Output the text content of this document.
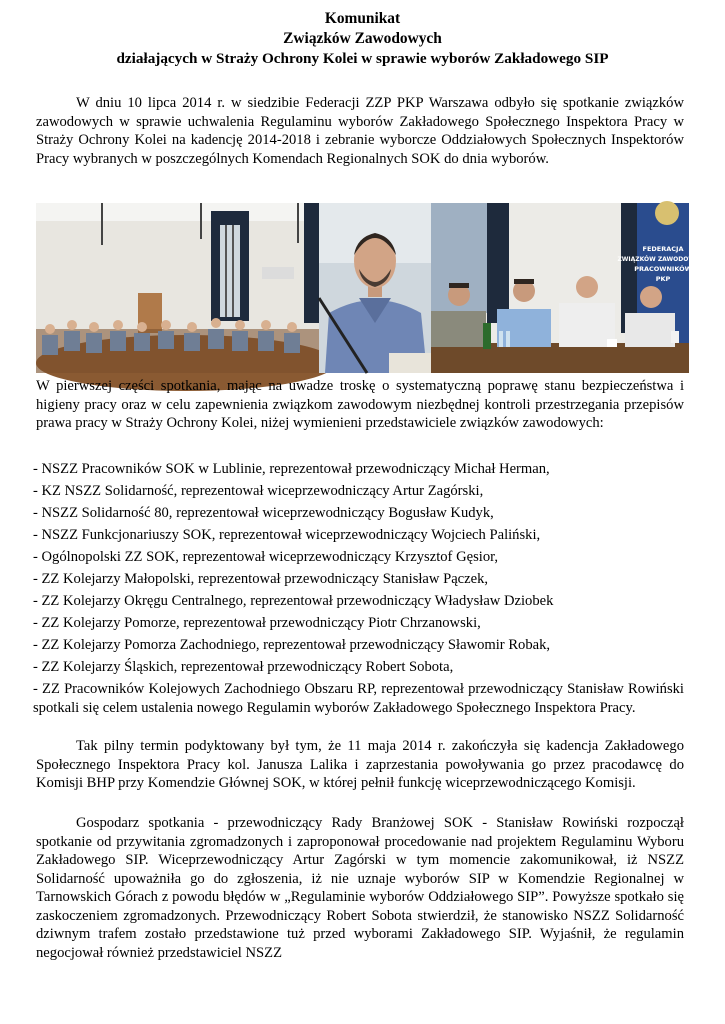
Komunikat
Związków Zawodowych
działających w Straży Ochrony Kolei w sprawie wyborów Zakładowego SIP

W dniu 10 lipca 2014 r. w siedzibie Federacji ZZP PKP Warszawa odbyło się spotkanie związków zawodowych w sprawie uchwalenia Regulaminu wyborów Zakładowego Społecznego Inspektora Pracy w Straży Ochrony Kolei na kadencję 2014-2018 i zebranie wyborcze Oddziałowych Społecznych Inspektorów Pracy wybranych w poszczególnych Komendach Regionalnych SOK do dnia wyborów.

FEDERACJA
ZWIĄZKÓW ZAWODOWYCH
PRACOWNIKÓW
PKP

W pierwszej części spotkania, mając na uwadze troskę o systematyczną poprawę stanu bezpieczeństwa i higieny pracy oraz w celu zapewnienia związkom zawodowym niezbędnej kontroli przestrzegania przepisów prawa pracy w Straży Ochrony Kolei, niżej wymienieni przedstawiciele związków zawodowych:

- NSZZ Pracowników SOK w Lublinie, reprezentował przewodniczący Michał Herman,
- KZ NSZZ Solidarność, reprezentował wiceprzewodniczący Artur Zagórski,
- NSZZ Solidarność 80, reprezentował wiceprzewodniczący Bogusław Kudyk,
- NSZZ Funkcjonariuszy SOK, reprezentował wiceprzewodniczący Wojciech Paliński,
- Ogólnopolski ZZ SOK, reprezentował wiceprzewodniczący Krzysztof Gęsior,
- ZZ Kolejarzy Małopolski, reprezentował przewodniczący Stanisław Pączek,
- ZZ Kolejarzy Okręgu Centralnego, reprezentował przewodniczący Władysław Dziobek
- ZZ Kolejarzy Pomorze, reprezentował przewodniczący Piotr Chrzanowski,
- ZZ Kolejarzy Pomorza Zachodniego, reprezentował przewodniczący Sławomir Robak,
- ZZ Kolejarzy Śląskich, reprezentował przewodniczący Robert Sobota,

- ZZ Pracowników Kolejowych Zachodniego Obszaru RP, reprezentował przewodniczący Stanisław Rowiński spotkali się celem ustalenia nowego Regulamin wyborów Zakładowego Społecznego Inspektora Pracy.

Tak pilny termin podyktowany był tym, że 11 maja 2014 r. zakończyła się kadencja Zakładowego Społecznego Inspektora Pracy kol. Janusza Lalika i zaprzestania powoływania go przez pracodawcę do Komisji BHP przy Komendzie Głównej SOK, w której pełnił funkcję wiceprzewodniczącego Komisji.

Gospodarz spotkania - przewodniczący Rady Branżowej SOK - Stanisław Rowiński rozpoczął spotkanie od przywitania zgromadzonych i zaproponował procedowanie nad projektem Regulaminu Wyboru Zakładowego SIP. Wiceprzewodniczący Artur Zagórski w tym momencie zakomunikował, iż NSZZ Solidarność upoważniła go do zgłoszenia, iż nie uznaje wyborów SIP w Komendzie Regionalnej w Tarnowskich Górach z powodu błędów w „Regulaminie wyborów Oddziałowego SIP”. Powyższe spotkało się zaskoczeniem zgromadzonych. Przewodniczący Robert Sobota stwierdził, że stanowisko NSZZ Solidarność dziwnym trafem zostało przedstawione tuż przed wyborami Zakładowego SIP. Wyjaśnił, że regulamin negocjował również przedstawiciel NSZZ
